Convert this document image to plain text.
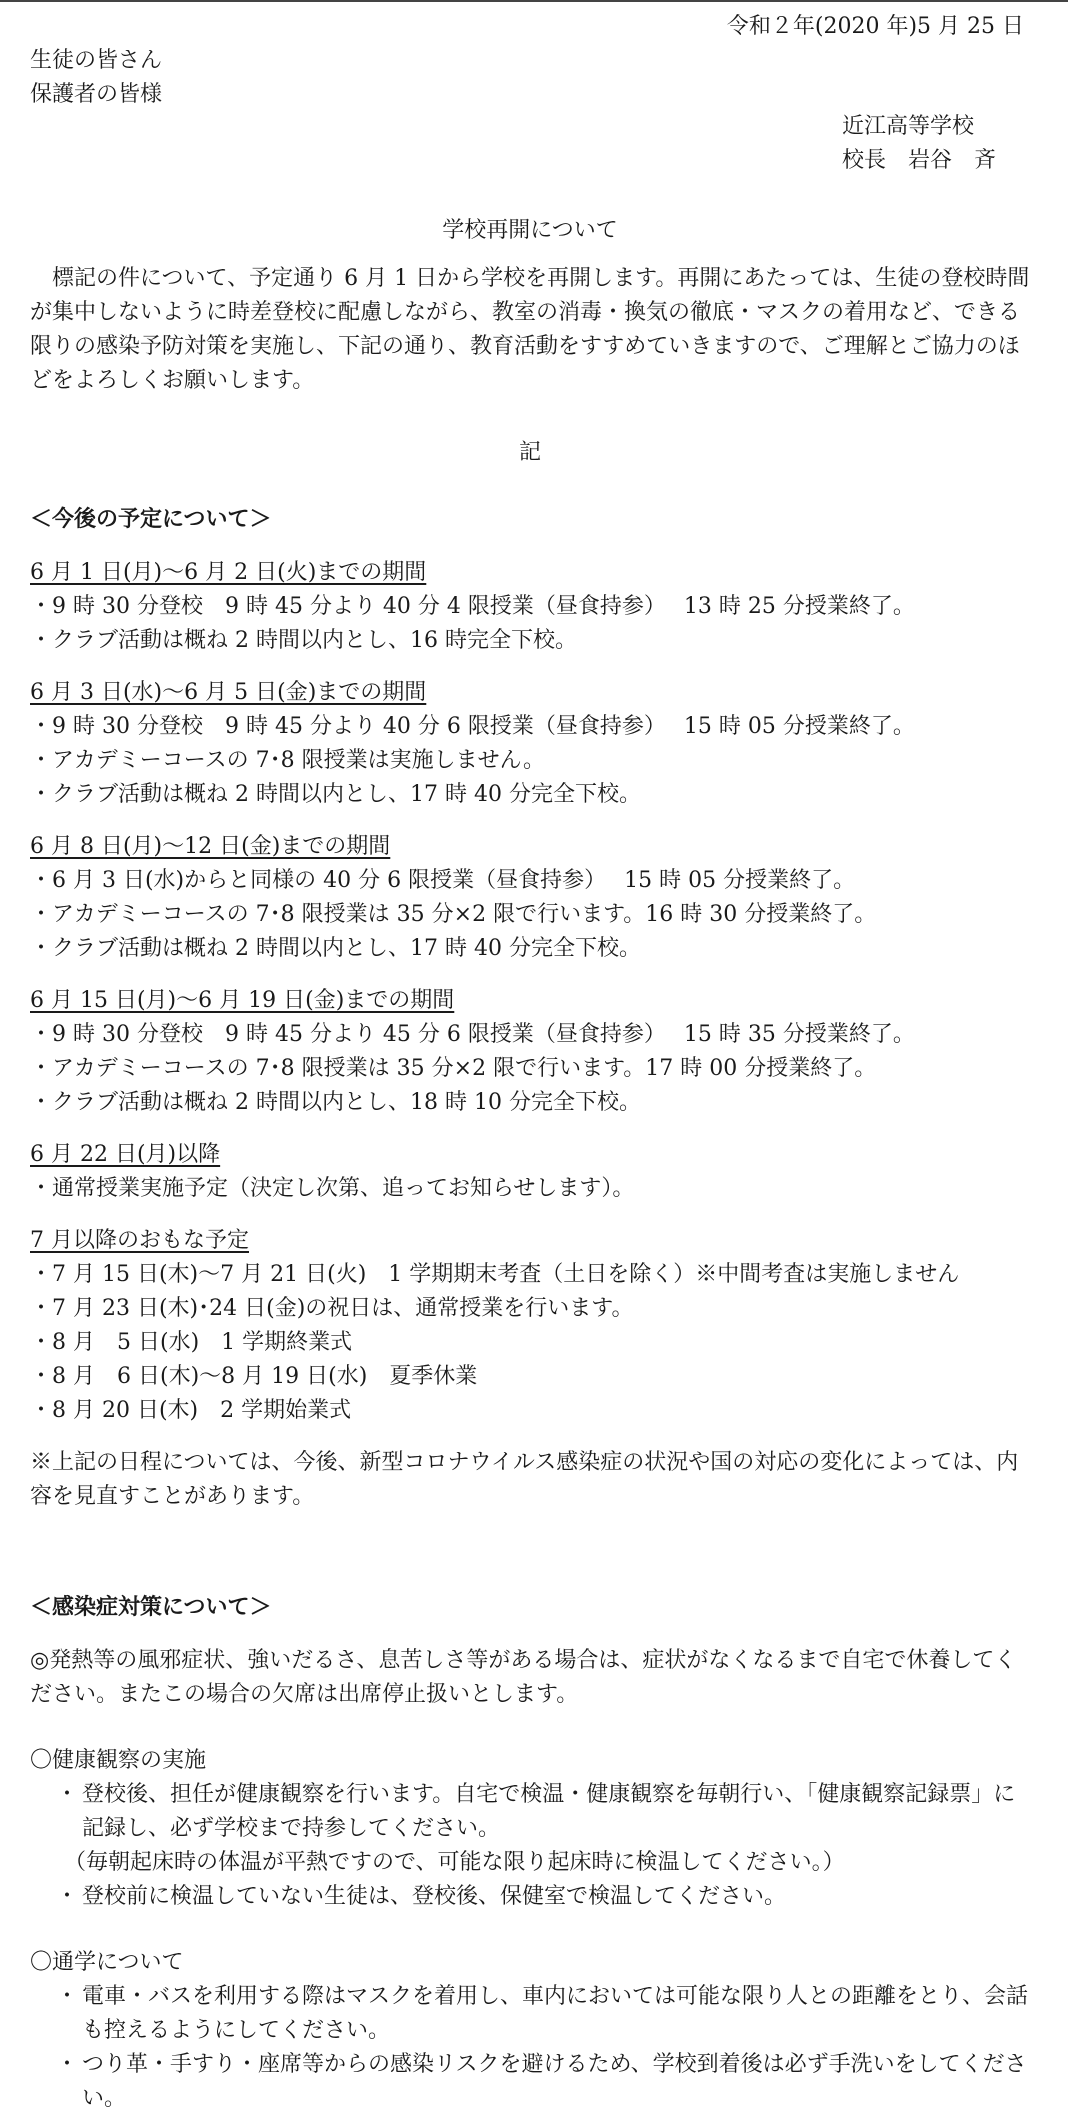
令和２年(2020 年)5 月 25 日
生徒の皆さん
保護者の皆様
近江高等学校
校長　岩谷　斉
学校再開について
　標記の件について、予定通り 6 月 1 日から学校を再開します。再開にあたっては、生徒の登校時間が集中しないように時差登校に配慮しながら、教室の消毒・換気の徹底・マスクの着用など、できる限りの感染予防対策を実施し、下記の通り、教育活動をすすめていきますので、ご理解とご協力のほどをよろしくお願いします。
記
＜今後の予定について＞
6 月 1 日(月)～6 月 2 日(火)までの期間
・9 時 30 分登校　9 時 45 分より 40 分 4 限授業（昼食持参）　 13 時 25 分授業終了。
・クラブ活動は概ね 2 時間以内とし、16 時完全下校。
6 月 3 日(水)～6 月 5 日(金)までの期間
・9 時 30 分登校　9 時 45 分より 40 分 6 限授業（昼食持参）　 15 時 05 分授業終了。
・アカデミーコースの 7･8 限授業は実施しません。
・クラブ活動は概ね 2 時間以内とし、17 時 40 分完全下校。
6 月 8 日(月)～12 日(金)までの期間
・6 月 3 日(水)からと同様の 40 分 6 限授業（昼食持参）　 15 時 05 分授業終了。
・アカデミーコースの 7･8 限授業は 35 分×2 限で行います。16 時 30 分授業終了。
・クラブ活動は概ね 2 時間以内とし、17 時 40 分完全下校。
6 月 15 日(月)～6 月 19 日(金)までの期間
・9 時 30 分登校　9 時 45 分より 45 分 6 限授業（昼食持参）　 15 時 35 分授業終了。
・アカデミーコースの 7･8 限授業は 35 分×2 限で行います。17 時 00 分授業終了。
・クラブ活動は概ね 2 時間以内とし、18 時 10 分完全下校。
6 月 22 日(月)以降
・通常授業実施予定（決定し次第、追ってお知らせします）。
7 月以降のおもな予定
・7 月 15 日(木)～7 月 21 日(火)　1 学期期末考査（土日を除く）※中間考査は実施しません
・7 月 23 日(木)･24 日(金)の祝日は、通常授業を行います。
・8 月　5 日(水)　1 学期終業式
・8 月　6 日(木)～8 月 19 日(水)　夏季休業
・8 月 20 日(木)　2 学期始業式
※上記の日程については、今後、新型コロナウイルス感染症の状況や国の対応の変化によっては、内容を見直すことがあります。
＜感染症対策について＞
◎発熱等の風邪症状、強いだるさ、息苦しさ等がある場合は、症状がなくなるまで自宅で休養してください。またこの場合の欠席は出席停止扱いとします。
〇健康観察の実施
・ 登校後、担任が健康観察を行います。自宅で検温・健康観察を毎朝行い、「健康観察記録票」に記録し、必ず学校まで持参してください。
（毎朝起床時の体温が平熱ですので、可能な限り起床時に検温してください。）
・ 登校前に検温していない生徒は、登校後、保健室で検温してください。
〇通学について
・ 電車・バスを利用する際はマスクを着用し、車内においては可能な限り人との距離をとり、会話も控えるようにしてください。
・ つり革・手すり・座席等からの感染リスクを避けるため、学校到着後は必ず手洗いをしてください。
